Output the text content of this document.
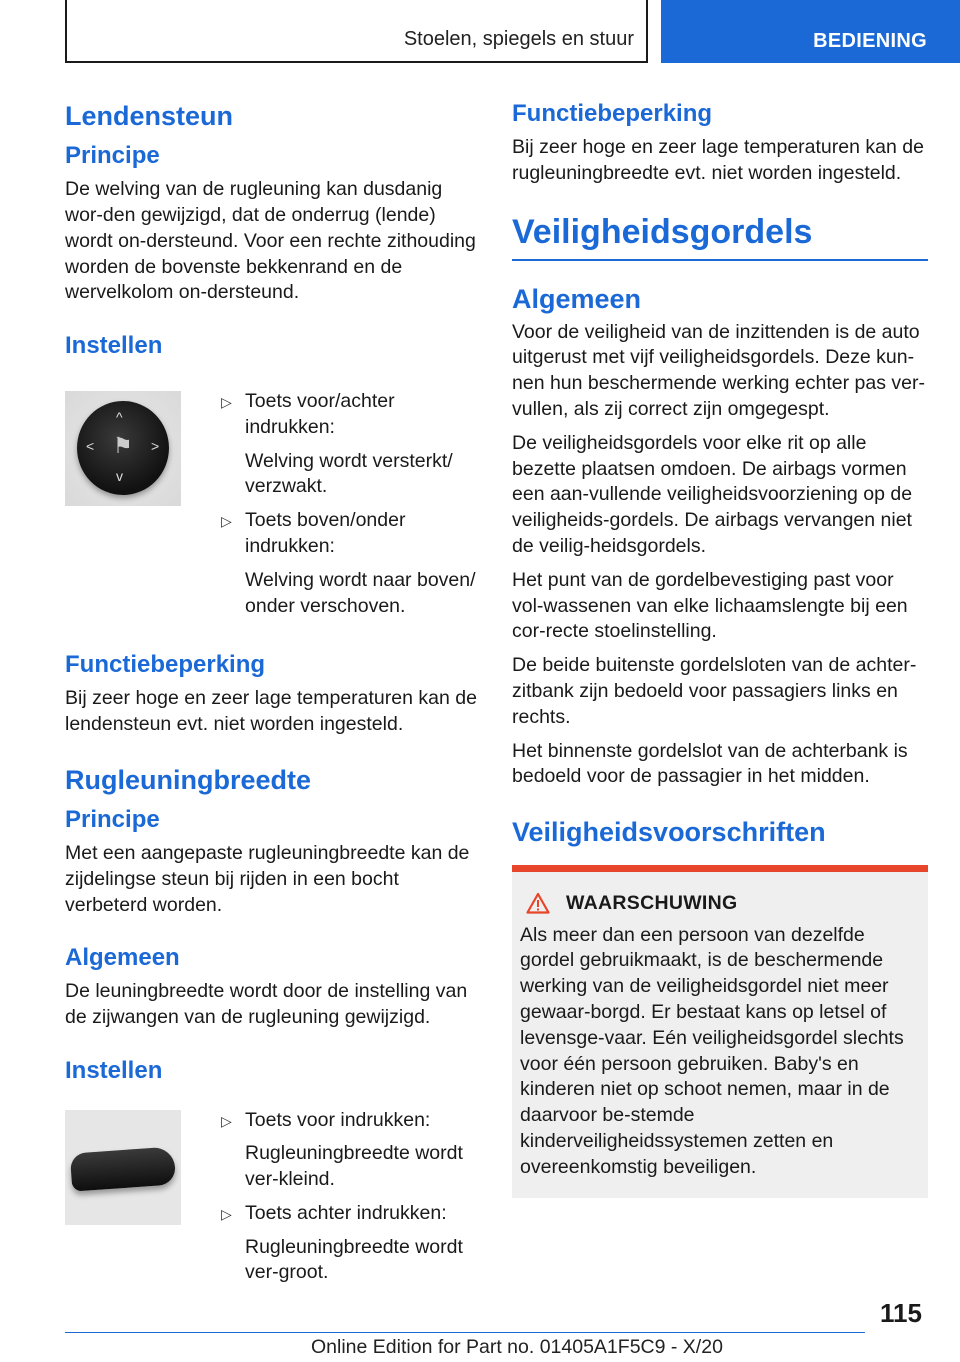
Stoelen, spiegels en stuur	BEDIENING
Lendensteun
Principe

De welving van de rugleuning kan dusdanig wor-den gewijzigd, dat de onderrug (lende) wordt on-dersteund. Voor een rechte zithouding worden de bovenste bekkenrand en de wervelkolom on-dersteund.

Instellen
^
v
<	>
⚑
▷ Toets voor/achter indrukken:
Welving wordt versterkt/ verzwakt.
▷ Toets boven/onder indrukken:
Welving wordt naar boven/ onder verschoven.
Functiebeperking

Bij zeer hoge en zeer lage temperaturen kan de lendensteun evt. niet worden ingesteld.

Rugleuningbreedte
Principe

Met een aangepaste rugleuningbreedte kan de zijdelingse steun bij rijden in een bocht verbeterd worden.

Algemeen

De leuningbreedte wordt door de instelling van de zijwangen van de rugleuning gewijzigd.

Instellen
▷ Toets voor indrukken:
Rugleuningbreedte wordt ver-kleind.
▷ Toets achter indrukken:
Rugleuningbreedte wordt ver-groot.
Functiebeperking

Bij zeer hoge en zeer lage temperaturen kan de rugleuningbreedte evt. niet worden ingesteld.

Veiligheidsgordels
Algemeen

Voor de veiligheid van de inzittenden is de auto uitgerust met vijf veiligheidsgordels. Deze kun-nen hun beschermende werking echter pas ver-vullen, als zij correct zijn omgegespt.

De veiligheidsgordels voor elke rit op alle bezette plaatsen omdoen. De airbags vormen een aan-vullende veiligheidsvoorziening op de veiligheids-gordels. De airbags vervangen niet de veilig-heidsgordels.

Het punt van de gordelbevestiging past voor vol-wassenen van elke lichaamslengte bij een cor-recte stoelinstelling.

De beide buitenste gordelsloten van de achter-zitbank zijn bedoeld voor passagiers links en rechts.

Het binnenste gordelslot van de achterbank is bedoeld voor de passagier in het midden.

Veiligheidsvoorschriften
WAARSCHUWING

Als meer dan een persoon van dezelfde gordel gebruikmaakt, is de beschermende werking van de veiligheidsgordel niet meer gewaar-borgd. Er bestaat kans op letsel of levensge-vaar. Eén veiligheidsgordel slechts voor één persoon gebruiken. Baby's en kinderen niet op schoot nemen, maar in de daarvoor be-stemde kinderveiligheidssystemen zetten en overeenkomstig beveiligen.

115
Online Edition for Part no. 01405A1F5C9 - X/20
